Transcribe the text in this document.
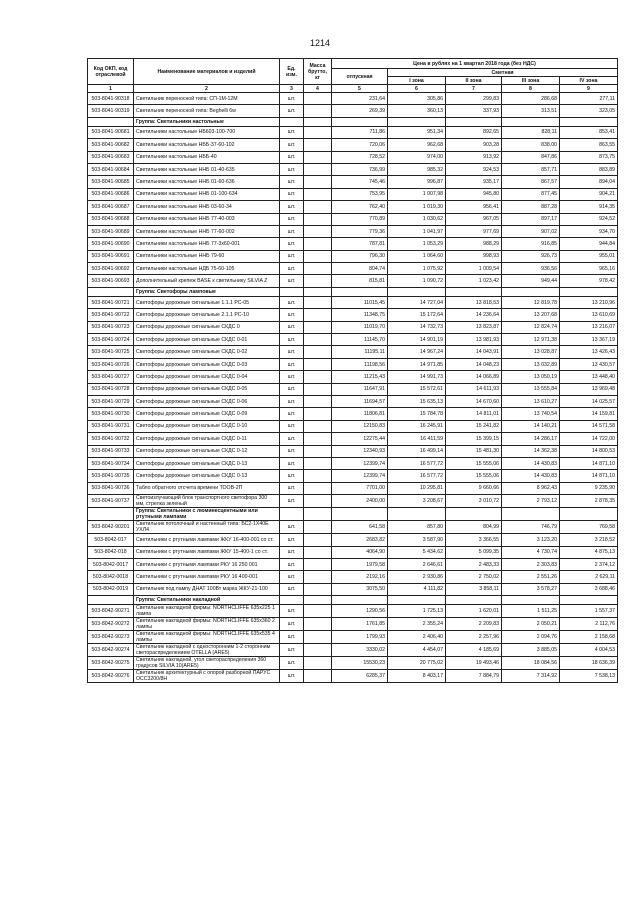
1214
Код ОКП, код отраслевой	Наименование материалов и изделий	Ед. изм.	Масса брутто, кг	Цена в рублях на 1 квартал 2018 года (без НДС)				
				отпускная	Сметная			
					I зона	II зона	III зона	IV зона
1	2	3	4	5	6	7	8	9
503-8041-90318	Светильник переносной типа: СП-1М-12М	шт.		231,64	305,86	299,83	286,68	277,11
503-8041-90319	Светильник переносной типа: Beghelli 6w	шт.		269,39	360,13	337,93	313,51	323,05
	Группа: Светильники настольные							
503-8041-90681	Светильники настольные НБ603-100-700	шт.		711,86	951,34	892,65	828,11	853,41
503-8041-90682	Светильники настольные НББ-37-60-102	шт.		720,06	962,68	903,28	838,00	863,55
503-8041-90683	Светильники настольные НББ-40	шт.		728,52	974,00	913,92	847,86	873,75
503-8041-90684	Светильники настольные ННБ 01-40-635	шт.		736,99	985,32	924,53	857,71	883,89
503-8041-90685	Светильники настольные ННБ 01-60-636	шт.		745,46	996,87	935,17	867,57	894,04
503-8041-90686	Светильники настольные ННБ 01-100-634	шт.		753,95	1 007,98	945,80	877,45	904,21
503-8041-90687	Светильники настольные ННБ 03-60-34	шт.		762,40	1 019,30	956,41	887,28	914,35
503-8041-90688	Светильники настольные ННБ 77-40-003	шт.		770,89	1 030,62	967,05	897,17	924,52
503-8041-90689	Светильники настольные ННБ 77-60-002	шт.		779,36	1 041,97	977,69	907,02	934,70
503-8041-90690	Светильники настольные ННБ 77-3х60-001	шт.		787,81	1 053,29	988,29	916,85	944,84
503-8041-90691	Светильники настольные ННБ 79-60	шт.		796,30	1 064,60	998,93	926,73	955,01
503-8041-90692	Светильники настольные НДБ 75-60-105	шт.		804,74	1 075,92	1 009,54	936,56	965,16
503-8041-90693	Дополнительный крепеж BASE к светильнику SILVIA Z	шт.		815,81	1 090,72	1 023,42	949,44	978,42
	Группа: Светофоры ламповые							
503-8041-90721	Светофоры дорожные сигнальные 1.1.1 РС-05	шт.		11015,45	14 727,04	13 818,53	12 819,78	13 210,96
503-8041-90722	Светофоры дорожные сигнальные 2.1.1 РС-10	шт.		11348,75	15 172,64	14 236,64	13 207,68	13 610,69
503-8041-90723	Светофоры дорожные сигнальные СКДС 0	шт.		11019,70	14 732,73	13 823,87	12 824,74	13 216,07
503-8041-90724	Светофоры дорожные сигнальные СКДС 0-01	шт.		11145,70	14 901,19	13 981,93	12 971,38	13 367,19
503-8041-90725	Светофоры дорожные сигнальные СКДС 0-02	шт.		11195,11	14 967,24	14 043,91	13 028,87	13 426,43
503-8041-90726	Светофоры дорожные сигнальные СКДС 0-03	шт.		11198,56	14 971,85	14 048,23	13 032,89	13 430,57
503-8041-90727	Светофоры дорожные сигнальные СКДС 0-04	шт.		11215,43	14 991,73	14 066,89	13 050,19	13 448,40
503-8041-90728	Светофоры дорожные сигнальные СКДС 0-05	шт.		11647,91	15 572,61	14 611,93	13 555,84	13 969,48
503-8041-90729	Светофоры дорожные сигнальные СКДС 0-06	шт.		11694,57	15 635,13	14 670,60	13 610,27	14 025,57
503-8041-90730	Светофоры дорожные сигнальные СКДС 0-09	шт.		11806,81	15 784,78	14 811,01	13 740,54	14 159,81
503-8041-90731	Светофоры дорожные сигнальные СКДС 0-10	шт.		12150,83	16 245,91	15 241,82	14 140,21	14 571,58
503-8041-90732	Светофоры дорожные сигнальные СКДС 0-11	шт.		12275,44	16 411,59	15 399,15	14 286,17	14 722,00
503-8041-90733	Светофоры дорожные сигнальные СКДС 0-12	шт.		12340,93	16 499,14	15 481,30	14 362,38	14 800,53
503-8041-90734	Светофоры дорожные сигнальные СКДС 0-13	шт.		12399,74	16 577,72	15 555,06	14 430,83	14 871,10
503-8041-90735	Светофоры дорожные сигнальные СКДС 0-13	шт.		12399,74	16 577,72	15 555,06	14 430,83	14 871,10
503-8041-90736	Табло обратного отсчета времени ТООВ-2П	шт.		7701,00	10 295,81	9 660,66	8 962,43	9 235,90
503-8041-90737	Светоизлучающий блок транспортного светофора 300 мм, стрелка зеленый	шт.		2400,00	3 208,67	3 010,72	2 793,12	2 878,35
	Группа: Светильники с люминесцентными или ртутными лампами							
503-8042-90201	Светильник потолочный и настенный типа: БС2-1Х40Е УХЛ4	шт.		641,58	857,80	804,99	746,79	769,58
503-8042-017	Светильники с ртутными лампами ЖКУ 16-400-001 со ст.	шт.		2683,82	3 587,90	3 366,55	3 123,20	3 218,52
503-8042-018	Светильники с ртутными лампами ЖКУ 15-400-1 со ст.	шт.		4064,90	5 434,62	5 099,35	4 730,74	4 875,13
503-8042-0017	Светильники с ртутными лампами РКУ 16 250 001	шт.		1979,58	2 646,61	2 483,33	2 303,83	2 374,12
503-8042-0018	Светильники с ртутными лампами РКУ 16 400-001	шт.		2192,16	2 930,86	2 750,02	2 551,26	2 629,11
503-8042-0019	Светильник под лампу ДНАТ 100Вт марка ЖКУ-21-100	шт.		3075,50	4 111,82	3 858,11	3 578,27	3 688,46
	Группа: Светильники накладной							
503-8042-90271	Светильник накладной фирмы: NORTHCLIFFE 635х225 1 лампа	шт.		1290,56	1 725,13	1 620,01	1 511,25	1 557,37
503-8042-90272	Светильник накладной фирмы: NORTHCLIFFE 635х360 2 лампы	шт.		1761,85	2 355,24	2 209,83	2 050,21	2 112,76
503-8042-90273	Светильник накладной фирмы: NORTHCLIFFE 635х535 4 лампы	шт.		1799,93	2 406,40	2 257,96	2 094,76	2 158,68
503-8042-90274	Светильник накладной с односторонним 1-2 сторонним светораспределением OTELLA (ARE5)	шт.		3330,02	4 454,07	4 185,69	3 885,05	4 004,53
503-8042-90275	Светильник накладной, угол светораспределения 360 градусов SILVIA 10(ARE5)	шт.		15530,23	20 775,02	19 493,46	18 084,56	18 636,39
503-8042-90276	Светильник архитектурный с опорой разборной ПАРУС ОСС3200/8Н	шт.		6285,37	8 403,17	7 884,79	7 314,92	7 538,13
